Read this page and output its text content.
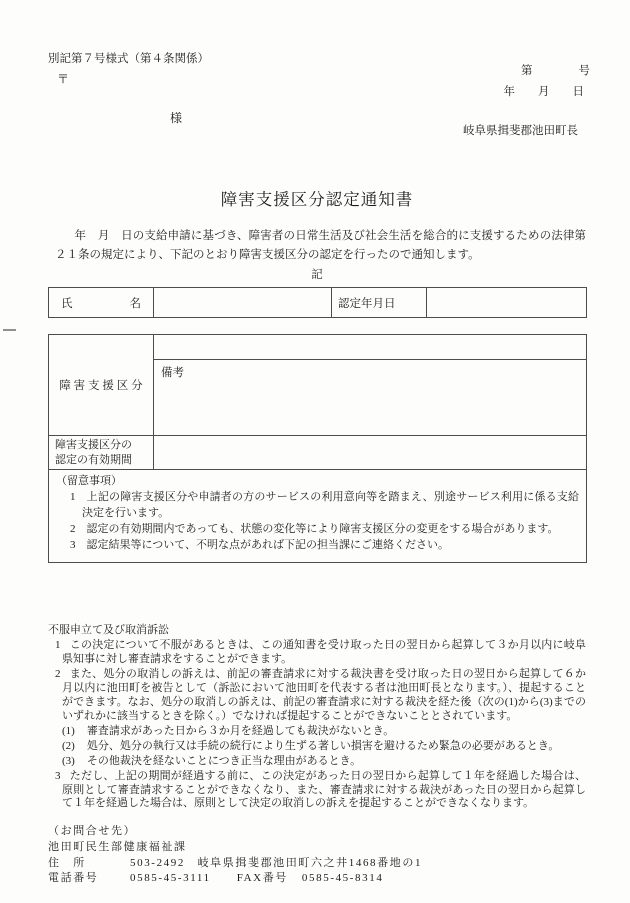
別記第７号様式（第４条関係）
第　　　　号
年　　月　　日
〒
様
岐阜県揖斐郡池田町長
障害支援区分認定通知書

年　月　日の支給申請に基づき、障害者の日常生活及び社会生活を総合的に支援するための法律第２１条の規定により、下記のとおり障害支援区分の認定を行ったので通知します。

記
氏	名		認定年月日	
障 害 支 援 区 分	

	備考

障害支援区分の
認定の有効期間	

（留意事項）
1 上記の障害支援区分や申請者の方のサービスの利用意向等を踏まえ、別途サービス利用に係る支給決定を行います。
2 認定の有効期間内であっても、状態の変化等により障害支援区分の変更をする場合があります。
3 認定結果等について、不明な点があれば下記の担当課にご連絡ください。	
不服申立て及び取消訴訟
1 この決定について不服があるときは、この通知書を受け取った日の翌日から起算して３か月以内に岐阜県知事に対し審査請求をすることができます。
2 また、処分の取消しの訴えは、前記の審査請求に対する裁決書を受け取った日の翌日から起算して６か月以内に池田町を被告として（訴訟において池田町を代表する者は池田町長となります。）、提起することができます。なお、処分の取消しの訴えは、前記の審査請求に対する裁決を経た後（次の(1)から(3)までのいずれかに該当するときを除く。）でなければ提起することができないこととされています。
(1) 審査請求があった日から３か月を経過しても裁決がないとき。
(2) 処分、処分の執行又は手続の続行により生ずる著しい損害を避けるため緊急の必要があるとき。
(3) その他裁決を経ないことにつき正当な理由があるとき。
3 ただし、上記の期間が経過する前に、この決定があった日の翌日から起算して１年を経過した場合は、原則として審査請求することができなくなり、また、審査請求に対する裁決があった日の翌日から起算して１年を経過した場合は、原則として決定の取消しの訴えを提起することができなくなります。
（お問合せ先）
池田町民生部健康福祉課
住　所	503-2492　岐阜県揖斐郡池田町六之井1468番地の1
電話番号	0585-45-3111 FAX番号 0585-45-8314
